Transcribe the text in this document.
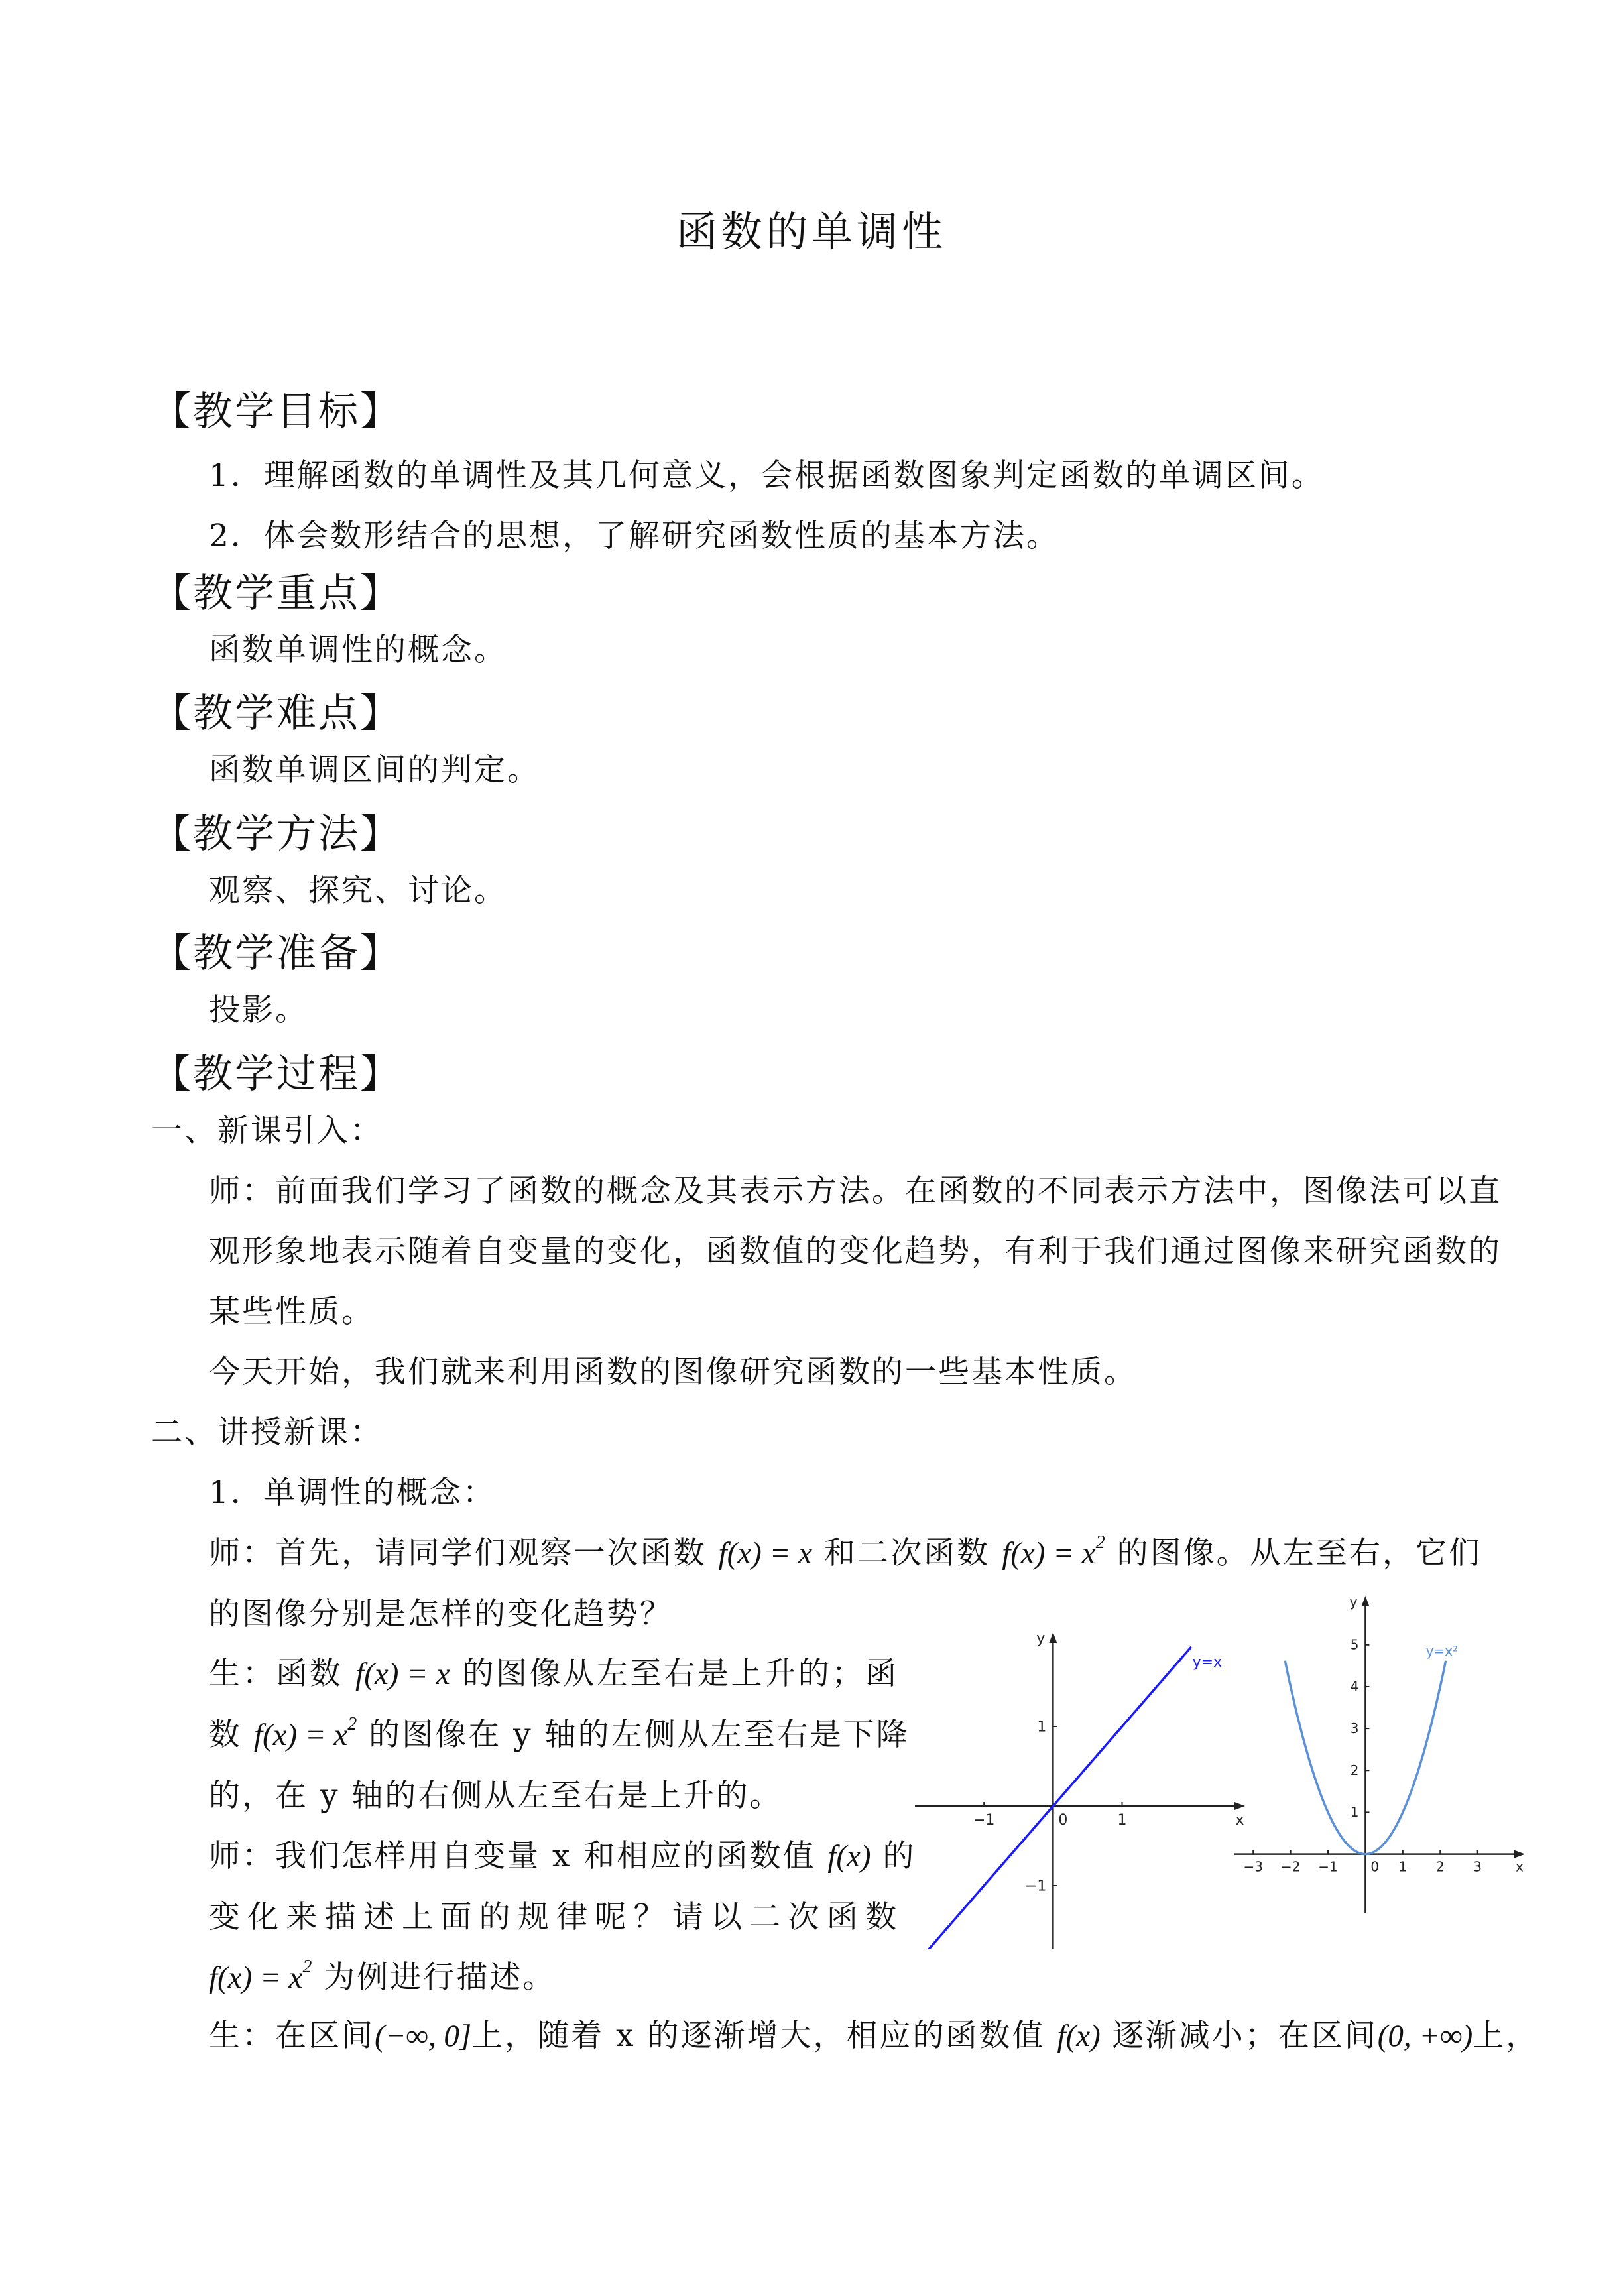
函数的单调性
【教学目标】
【教学重点】
【教学难点】
【教学方法】
【教学准备】
【教学过程】
1．理解函数的单调性及其几何意义，会根据函数图象判定函数的单调区间。
2．体会数形结合的思想，了解研究函数性质的基本方法。
函数单调性的概念。
函数单调区间的判定。
观察、探究、讨论。
投影。
一、新课引入：
师：前面我们学习了函数的概念及其表示方法。在函数的不同表示方法中，图像法可以直
观形象地表示随着自变量的变化，函数值的变化趋势，有利于我们通过图像来研究函数的
某些性质。
今天开始，我们就来利用函数的图像研究函数的一些基本性质。
二、讲授新课：
1．单调性的概念：
师：首先，请同学们观察一次函数 f(x) = x 和二次函数 $f(x) = x^2$ 的图像。从左至右，它们
的图像分别是怎样的变化趋势？
生：函数 f(x) = x 的图像从左至右是上升的；函
数 $f(x) = x^2$ 的图像在 y 轴的左侧从左至右是下降
的，在 y 轴的右侧从左至右是上升的。
师：我们怎样用自变量 x 和相应的函数值 f(x) 的
变化来描述上面的规律呢？请以二次函数
$f(x) = x^2$ 为例进行描述。
生：在区间(−∞, 0]上，随着 x 的逐渐增大，相应的函数值 f(x) 逐渐减小；在区间(0, +∞)上，
x
y
0
−1	1
−1
1
y=x
x
y
0
−3 −2 −1	1 2 3
1
2
3
4
5	y=x²
